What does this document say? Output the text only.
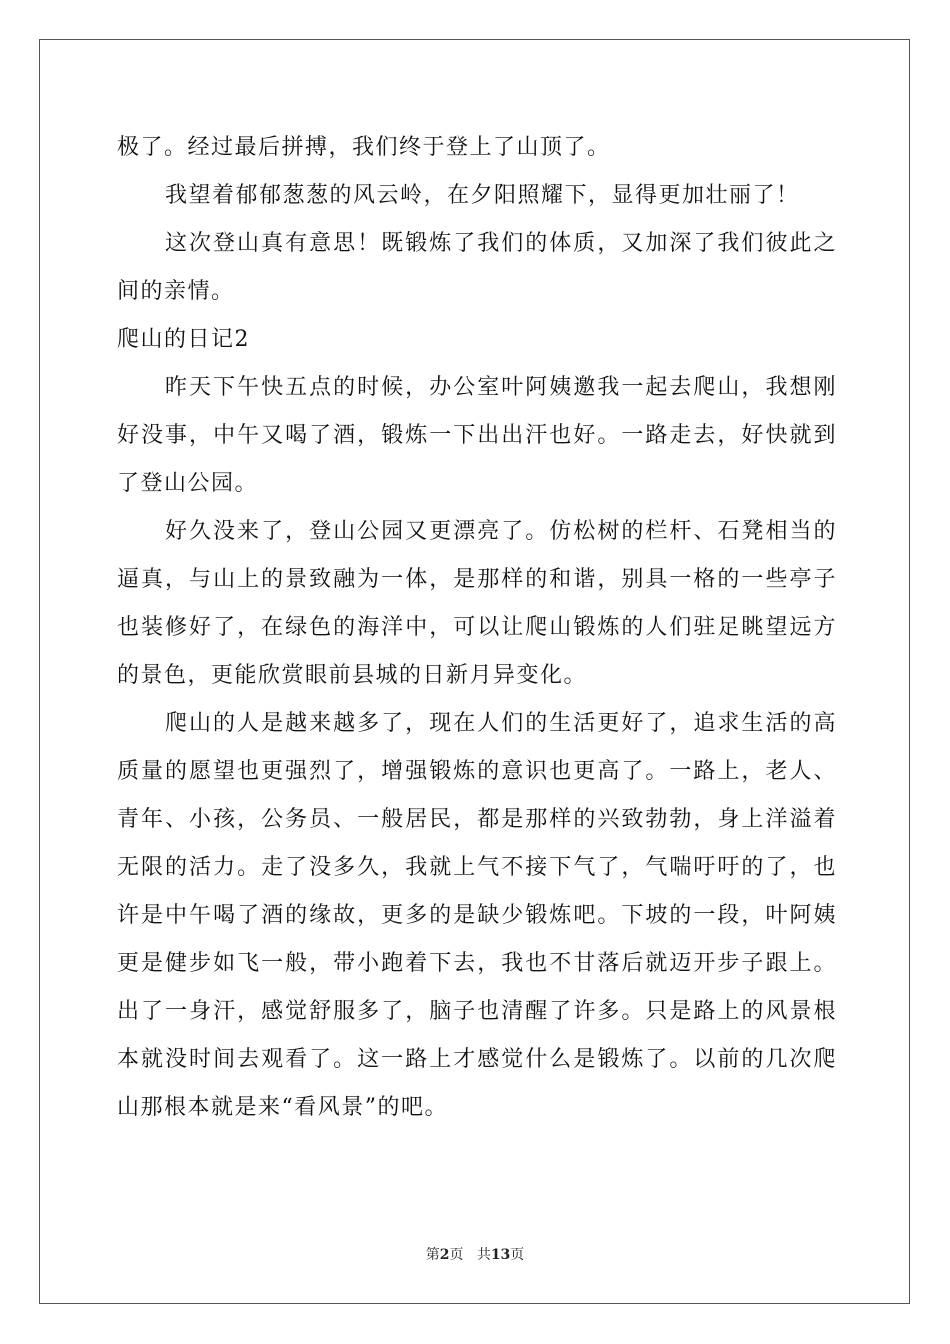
极了。经过最后拼搏，我们终于登上了山顶了。

我望着郁郁葱葱的风云岭，在夕阳照耀下，显得更加壮丽了！

这次登山真有意思！既锻炼了我们的体质，又加深了我们彼此之间的亲情。

爬山的日记2

昨天下午快五点的时候，办公室叶阿姨邀我一起去爬山，我想刚好没事，中午又喝了酒，锻炼一下出出汗也好。一路走去，好快就到了登山公园。

好久没来了，登山公园又更漂亮了。仿松树的栏杆、石凳相当的逼真，与山上的景致融为一体，是那样的和谐，别具一格的一些亭子也装修好了，在绿色的海洋中，可以让爬山锻炼的人们驻足眺望远方的景色，更能欣赏眼前县城的日新月异变化。

爬山的人是越来越多了，现在人们的生活更好了，追求生活的高质量的愿望也更强烈了，增强锻炼的意识也更高了。一路上，老人、青年、小孩，公务员、一般居民，都是那样的兴致勃勃，身上洋溢着无限的活力。走了没多久，我就上气不接下气了，气喘吁吁的了，也许是中午喝了酒的缘故，更多的是缺少锻炼吧。下坡的一段，叶阿姨更是健步如飞一般，带小跑着下去，我也不甘落后就迈开步子跟上。出了一身汗，感觉舒服多了，脑子也清醒了许多。只是路上的风景根本就没时间去观看了。这一路上才感觉什么是锻炼了。以前的几次爬山那根本就是来“看风景”的吧。

第2页 共13页
